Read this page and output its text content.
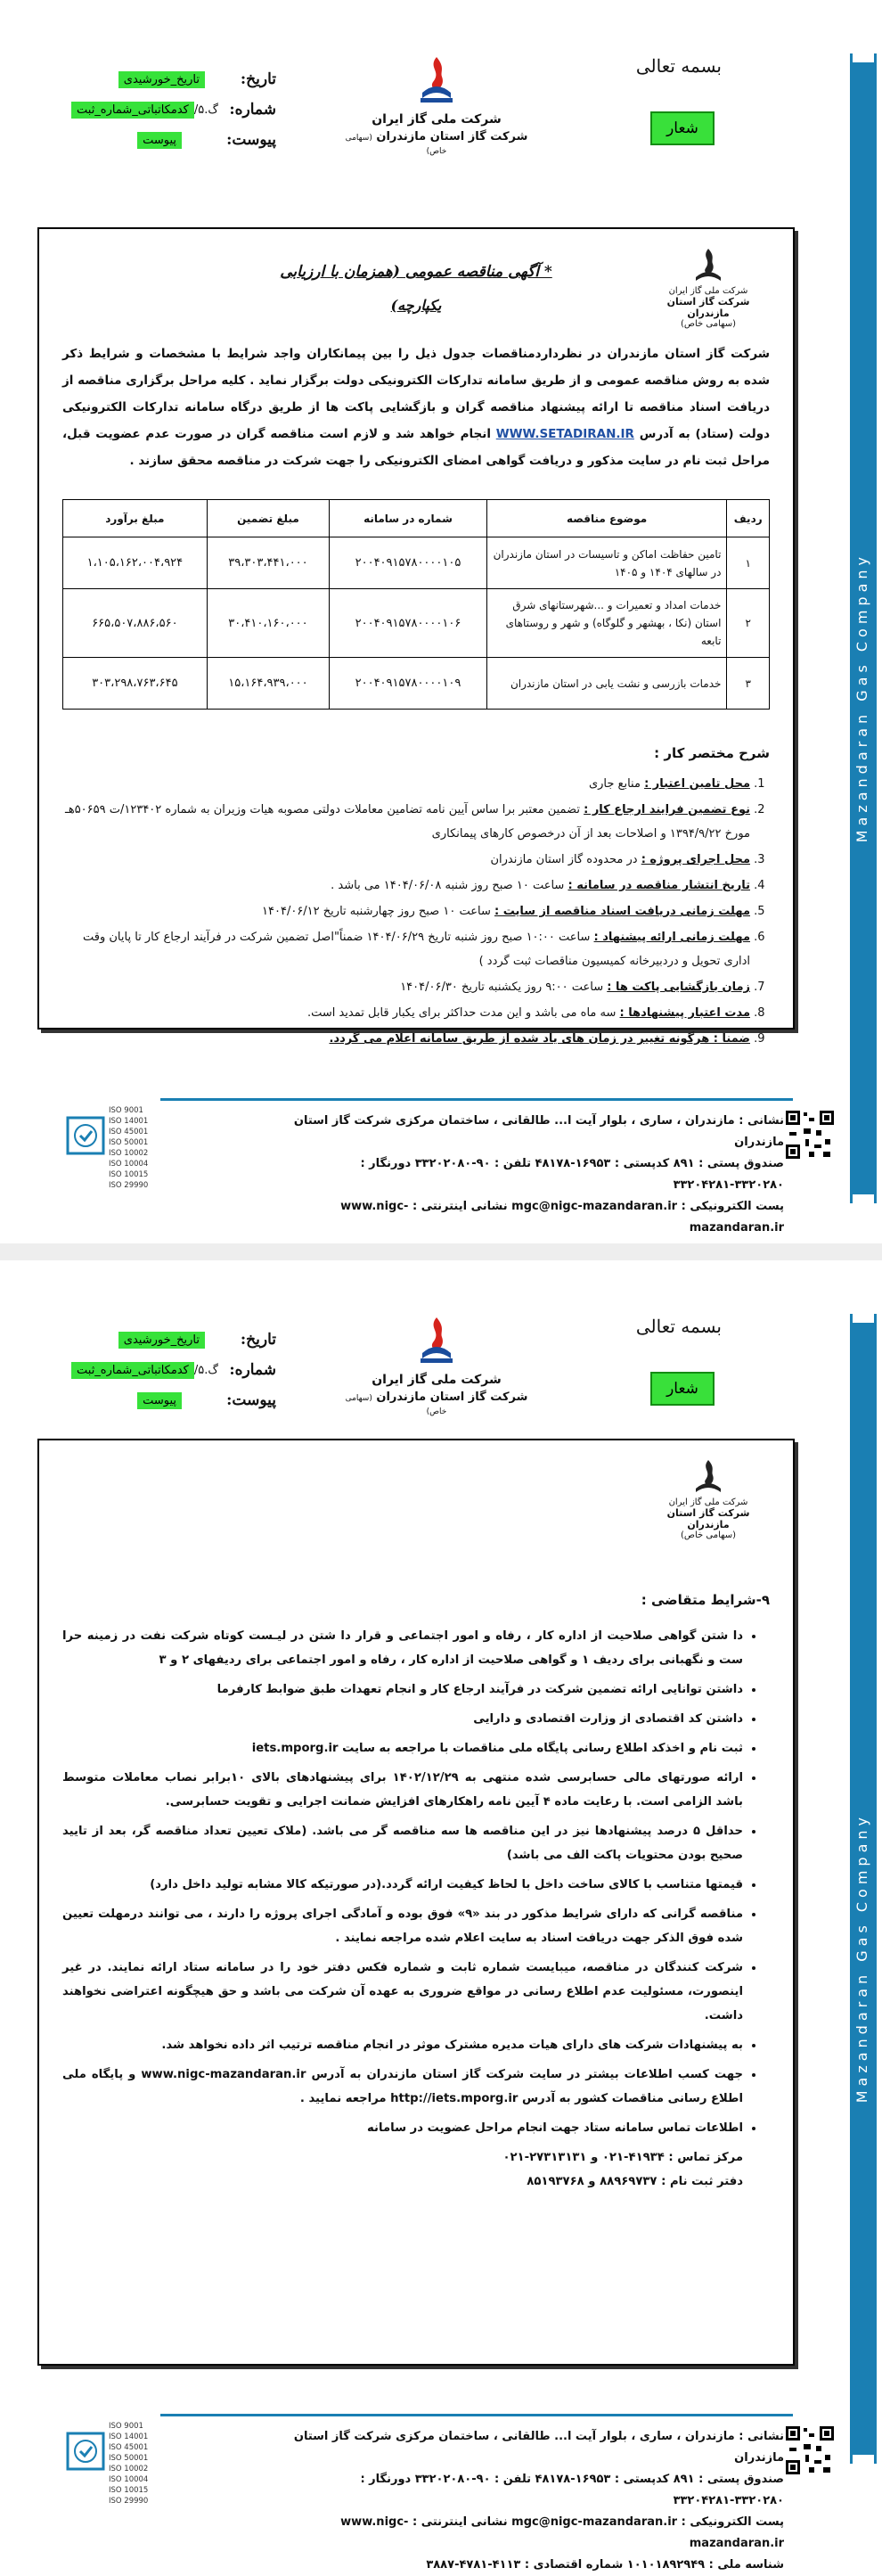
Mazandaran Gas Company
بسمه تعالی
شعار
شرکت ملی گاز ایران
شرکت گاز استان مازندران (سهامی خاص)
تاریخ:
تاریخ_خورشیدی
شماره:
گ.۵/
کدمکاتباتی_شماره_ثبت
پیوست:
پیوست
شرکت ملی گاز ایران
شرکت گاز استان مازندران
(سهامی خاص)
* آگهی مناقصه عمومی (همزمان با ارزیابی
یکپارچه)

شرکت گاز استان مازندران در نظرداردمناقصات جدول ذیل را بین پیمانکاران واجد شرایط با مشخصات و شرایط ذکر شده به روش مناقصه عمومی و از طریق سامانه تدارکات الکترونیکی دولت برگزار نماید . کلیه مراحل برگزاری مناقصه از دریافت اسناد مناقصه تا ارائه پیشنهاد مناقصه گران و بازگشایی پاکت ها از طریق درگاه سامانه تدارکات الکترونیکی دولت (ستاد) به آدرس WWW.SETADIRAN.IR انجام خواهد شد و لازم است مناقصه گران در صورت عدم عضویت قبل، مراحل ثبت نام در سایت مذکور و دریافت گواهی امضای الکترونیکی را جهت شرکت در مناقصه محقق سازند .

ردیف	موضوع مناقصه	شماره در سامانه	مبلغ تضمین	مبلغ برآورد
۱	تامین حفاظت اماکن و تاسیسات در استان مازندران در سالهای ۱۴۰۴ و ۱۴۰۵	۲۰۰۴۰۹۱۵۷۸۰۰۰۰۱۰۵	۳۹،۳۰۳،۴۴۱،۰۰۰	۱،۱۰۵،۱۶۲،۰۰۴،۹۲۴
۲	خدمات امداد و تعمیرات و ...شهرستانهای شرق استان (نکا ، بهشهر و گلوگاه) و شهر و روستاهای تابعه	۲۰۰۴۰۹۱۵۷۸۰۰۰۰۱۰۶	۳۰،۴۱۰،۱۶۰،۰۰۰	۶۶۵،۵۰۷،۸۸۶،۵۶۰
۳	خدمات بازرسی و نشت یابی در استان مازندران	۲۰۰۴۰۹۱۵۷۸۰۰۰۰۱۰۹	۱۵،۱۶۴،۹۳۹،۰۰۰	۳۰۳،۲۹۸،۷۶۳،۶۴۵
شرح مختصر کار :
1. محل تامین اعتبار : منابع جاری
2. نوع تضمین فرایند ارجاع کار : تضمین معتبر برا ساس آیین نامه تضامین معاملات دولتی مصوبه هیات وزیران به شماره ۱۲۳۴۰۲/ت ۵۰۶۵۹هـ مورخ ۱۳۹۴/۹/۲۲ و اصلاحات بعد از آن درخصوص کارهای پیمانکاری
3. محل اجرای پروژه : در محدوده گاز استان مازندران
4. تاریخ انتشار مناقصه در سامانه : ساعت ۱۰ صبح روز شنبه ۱۴۰۴/۰۶/۰۸ می باشد .
5. مهلت زمانی دریافت اسناد مناقصه از سایت : ساعت ۱۰ صبح روز چهارشنبه تاریخ ۱۴۰۴/۰۶/۱۲
6. مهلت زمانی ارائه پیشنهاد : ساعت ۱۰:۰۰ صبح روز شنبه تاریخ ۱۴۰۴/۰۶/۲۹ ضمناً"اصل تضمین شرکت در فرآیند ارجاع کار تا پایان وقت اداری تحویل و دردبیرخانه کمیسیون مناقصات ثبت گردد )
7. زمان بازگشایی پاکت ها : ساعت ۹:۰۰ روز یکشنبه تاریخ ۱۴۰۴/۰۶/۳۰
8. مدت اعتبار پیشنهادها : سه ماه می باشد و این مدت حداکثر برای یکبار قابل تمدید است.
9. ضمنا : هرگونه تغییر در زمان های یاد شده از طریق سامانه اعلام می گردد.
نشانی : مازندران ، ساری ، بلوار آیت ا... طالقانی ، ساختمان مرکزی شرکت گاز استان مازندران
صندوق پستی : ۸۹۱ کدپستی : ۱۶۹۵۳-۴۸۱۷۸ تلفن : ۹۰-۳۳۲۰۲۰۸۰ دورنگار : ۳۳۲۰۲۸۰-۳۳۲۰۴۲۸۱
پست الکترونیکی : mgc@nigc-mazandaran.ir نشانی اینترنتی : www.nigc-mazandaran.ir
ISO 9001
ISO 14001
ISO 45001
ISO 50001
ISO 10002
ISO 10004
ISO 10015
ISO 29990
Mazandaran Gas Company
بسمه تعالی
شعار
شرکت ملی گاز ایران
شرکت گاز استان مازندران (سهامی خاص)
تاریخ:
تاریخ_خورشیدی
شماره:
گ.۵/
کدمکاتباتی_شماره_ثبت
پیوست:
پیوست
شرکت ملی گاز ایران
شرکت گاز استان مازندران
(سهامی خاص)
۹-شرایط متقاضی :
• دا شتن گواهی صلاحیت از اداره کار ، رفاه و امور اجتماعی و قرار دا شتن در لیـست کوتاه شرکت نفت در زمینه حرا ست و نگهبانی برای ردیف ۱ و گواهی صلاحیت از اداره کار ، رفاه و امور اجتماعی برای ردیفهای ۲ و ۳
• داشتن توانایی ارائه تضمین شرکت در فرآیند ارجاع کار و انجام تعهدات طبق ضوابط کارفرما
• داشتن کد اقتصادی از وزارت اقتصادی و دارایی
• ثبت نام و اخذکد اطلاع رسانی پایگاه ملی مناقصات با مراجعه به سایت iets.mporg.ir
• ارائه صورتهای مالی حسابرسی شده منتهی به ۱۴۰۲/۱۲/۲۹ برای پیشنهادهای بالای ۱۰برابر نصاب معاملات متوسط باشد الزامی است. با رعایت ماده ۴ آیین نامه راهکارهای افزایش ضمانت اجرایی و تقویت حسابرسی.
• حداقل ۵ درصد پیشنهادها نیز در این مناقصه ها سه مناقصه گر می باشد. (ملاک تعیین تعداد مناقصه گر، بعد از تایید صحیح بودن محتویات پاکت الف می باشد)
• قیمتها متناسب با کالای ساخت داخل با لحاظ کیفیت ارائه گردد.(در صورتیکه کالا مشابه تولید داخل دارد)
• مناقصه گرانی که دارای شرایط مذکور در بند «۹» فوق بوده و آمادگی اجرای پروژه را دارند ، می توانند درمهلت تعیین شده فوق الذکر جهت دریافت اسناد به سایت اعلام شده مراجعه نمایند .
• شرکت کنندگان در مناقصه، میبایست شماره ثابت و شماره فکس دفتر خود را در سامانه ستاد ارائه نمایند. در غیر اینصورت، مسئولیت عدم اطلاع رسانی در مواقع ضروری به عهده آن شرکت می باشد و حق هیچگونه اعتراضی نخواهند داشت.
• به پیشنهادات شرکت های دارای هیات مدیره مشترک موثر در انجام مناقصه ترتیب اثر داده نخواهد شد.
• جهت کسب اطلاعات بیشتر در سایت شرکت گاز استان مازندران به آدرس www.nigc-mazandaran.ir و پایگاه ملی اطلاع رسانی مناقصات کشور به آدرس http://iets.mporg.ir مراجعه نمایید .
• اطلاعات تماس سامانه ستاد جهت انجام مراحل عضویت در سامانه
مرکز تماس : ۴۱۹۳۴-۰۲۱ و ۲۷۳۱۳۱۳۱-۰۲۱
دفتر ثبت نام : ۸۸۹۶۹۷۳۷ و ۸۵۱۹۳۷۶۸
نشانی : مازندران ، ساری ، بلوار آیت ا... طالقانی ، ساختمان مرکزی شرکت گاز استان مازندران
صندوق پستی : ۸۹۱ کدپستی : ۱۶۹۵۳-۴۸۱۷۸ تلفن : ۹۰-۳۳۲۰۲۰۸۰ دورنگار : ۳۳۲۰۲۸۰-۳۳۲۰۴۲۸۱
پست الکترونیکی : mgc@nigc-mazandaran.ir نشانی اینترنتی : www.nigc-mazandaran.ir
شناسه ملی : ۱۰۱۰۱۸۹۲۹۴۹ شماره اقتصادی : ۴۱۱۳-۴۷۸۱-۳۸۸۷
ISO 9001
ISO 14001
ISO 45001
ISO 50001
ISO 10002
ISO 10004
ISO 10015
ISO 29990
